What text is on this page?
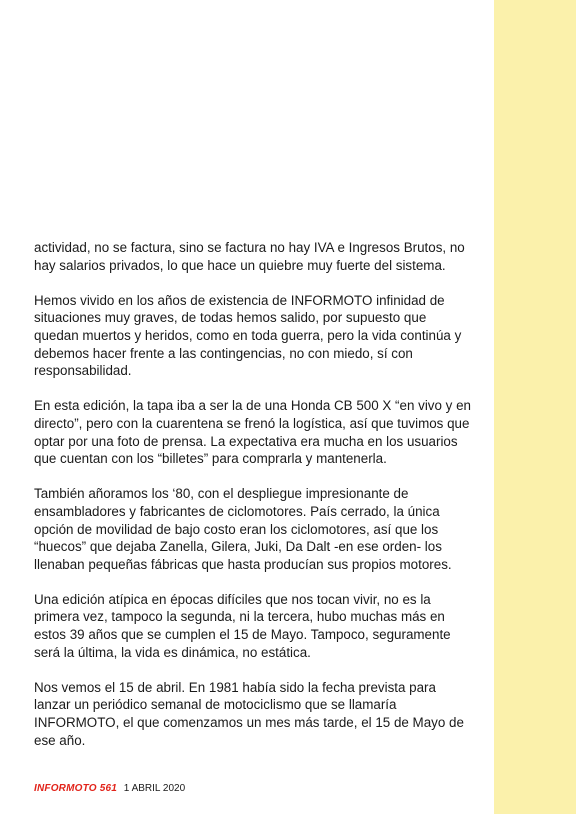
actividad, no se factura, sino se factura no hay IVA e Ingresos Brutos, no hay salarios privados, lo que hace un quiebre muy fuerte del sistema.

Hemos vivido en los años de existencia de INFORMOTO infinidad de situaciones muy graves, de todas hemos salido, por supuesto que quedan muertos y heridos, como en toda guerra, pero la vida continúa y debemos hacer frente a las contingencias, no con miedo, sí con responsabilidad.

En esta edición, la tapa iba a ser la de una Honda CB 500 X “en vivo y en directo”, pero con la cuarentena se frenó la logística, así que tuvimos que optar por una foto de prensa. La expectativa era mucha en los usuarios que cuentan con los “billetes” para comprarla y mantenerla.

También añoramos los ‘80, con el despliegue impresionante de ensambladores y fabricantes de ciclomotores. País cerrado, la única opción de movilidad de bajo costo eran los ciclomotores, así que los “huecos” que dejaba Zanella, Gilera, Juki, Da Dalt -en ese orden- los llenaban pequeñas fábricas que hasta producían sus propios motores.

Una edición atípica en épocas difíciles que nos tocan vivir, no es la primera vez, tampoco la segunda, ni la tercera, hubo muchas más en estos 39 años que se cumplen el 15 de Mayo. Tampoco, seguramente será la última, la vida es dinámica, no estática.

Nos vemos el 15 de abril. En 1981 había sido la fecha prevista para lanzar un periódico semanal de motociclismo que se llamaría INFORMOTO, el que comenzamos un mes más tarde, el 15 de Mayo de ese año.

INFORMOTO 561 1 ABRIL 2020
